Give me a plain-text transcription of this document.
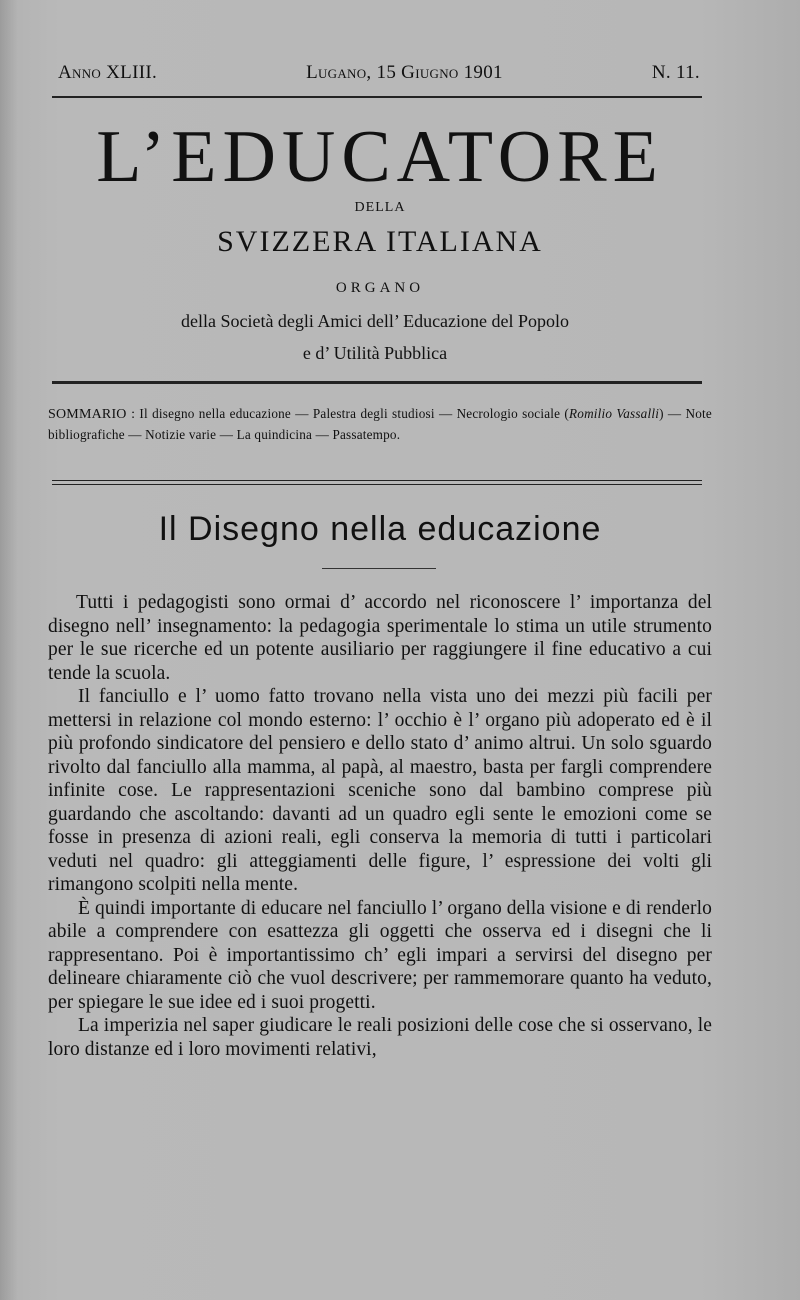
Anno XLIII.	Lugano, 15 Giugno 1901	N. 11.
L’EDUCATORE
DELLA
SVIZZERA ITALIANA
ORGANO
della Società degli Amici dell’ Educazione del Popolo
e d’ Utilità Pubblica
SOMMARIO : Il disegno nella educazione — Palestra degli studiosi — Necrologio sociale (Romilio Vassalli) — Note bibliografiche — Notizie varie — La quindicina — Passatempo.
Il Disegno nella educazione

Tutti i pedagogisti sono ormai d’ accordo nel riconoscere l’ importanza del disegno nell’ insegnamento: la pedagogia sperimentale lo stima un utile strumento per le sue ricerche ed un potente ausiliario per raggiungere il fine educativo a cui tende la scuola.

Il fanciullo e l’ uomo fatto trovano nella vista uno dei mezzi più facili per mettersi in relazione col mondo esterno: l’ occhio è l’ organo più adoperato ed è il più profondo sindicatore del pensiero e dello stato d’ animo altrui. Un solo sguardo rivolto dal fanciullo alla mamma, al papà, al maestro, basta per fargli comprendere infinite cose. Le rappresentazioni sceniche sono dal bambino comprese più guardando che ascoltando: davanti ad un quadro egli sente le emozioni come se fosse in presenza di azioni reali, egli conserva la memoria di tutti i particolari veduti nel quadro: gli atteggiamenti delle figure, l’ espressione dei volti gli rimangono scolpiti nella mente.

È quindi importante di educare nel fanciullo l’ organo della visione e di renderlo abile a comprendere con esattezza gli oggetti che osserva ed i disegni che li rappresentano. Poi è importantissimo ch’ egli impari a servirsi del disegno per delineare chiaramente ciò che vuol descrivere; per rammemorare quanto ha veduto, per spiegare le sue idee ed i suoi progetti.

La imperizia nel saper giudicare le reali posizioni delle cose che si osservano, le loro distanze ed i loro movimenti relativi,
